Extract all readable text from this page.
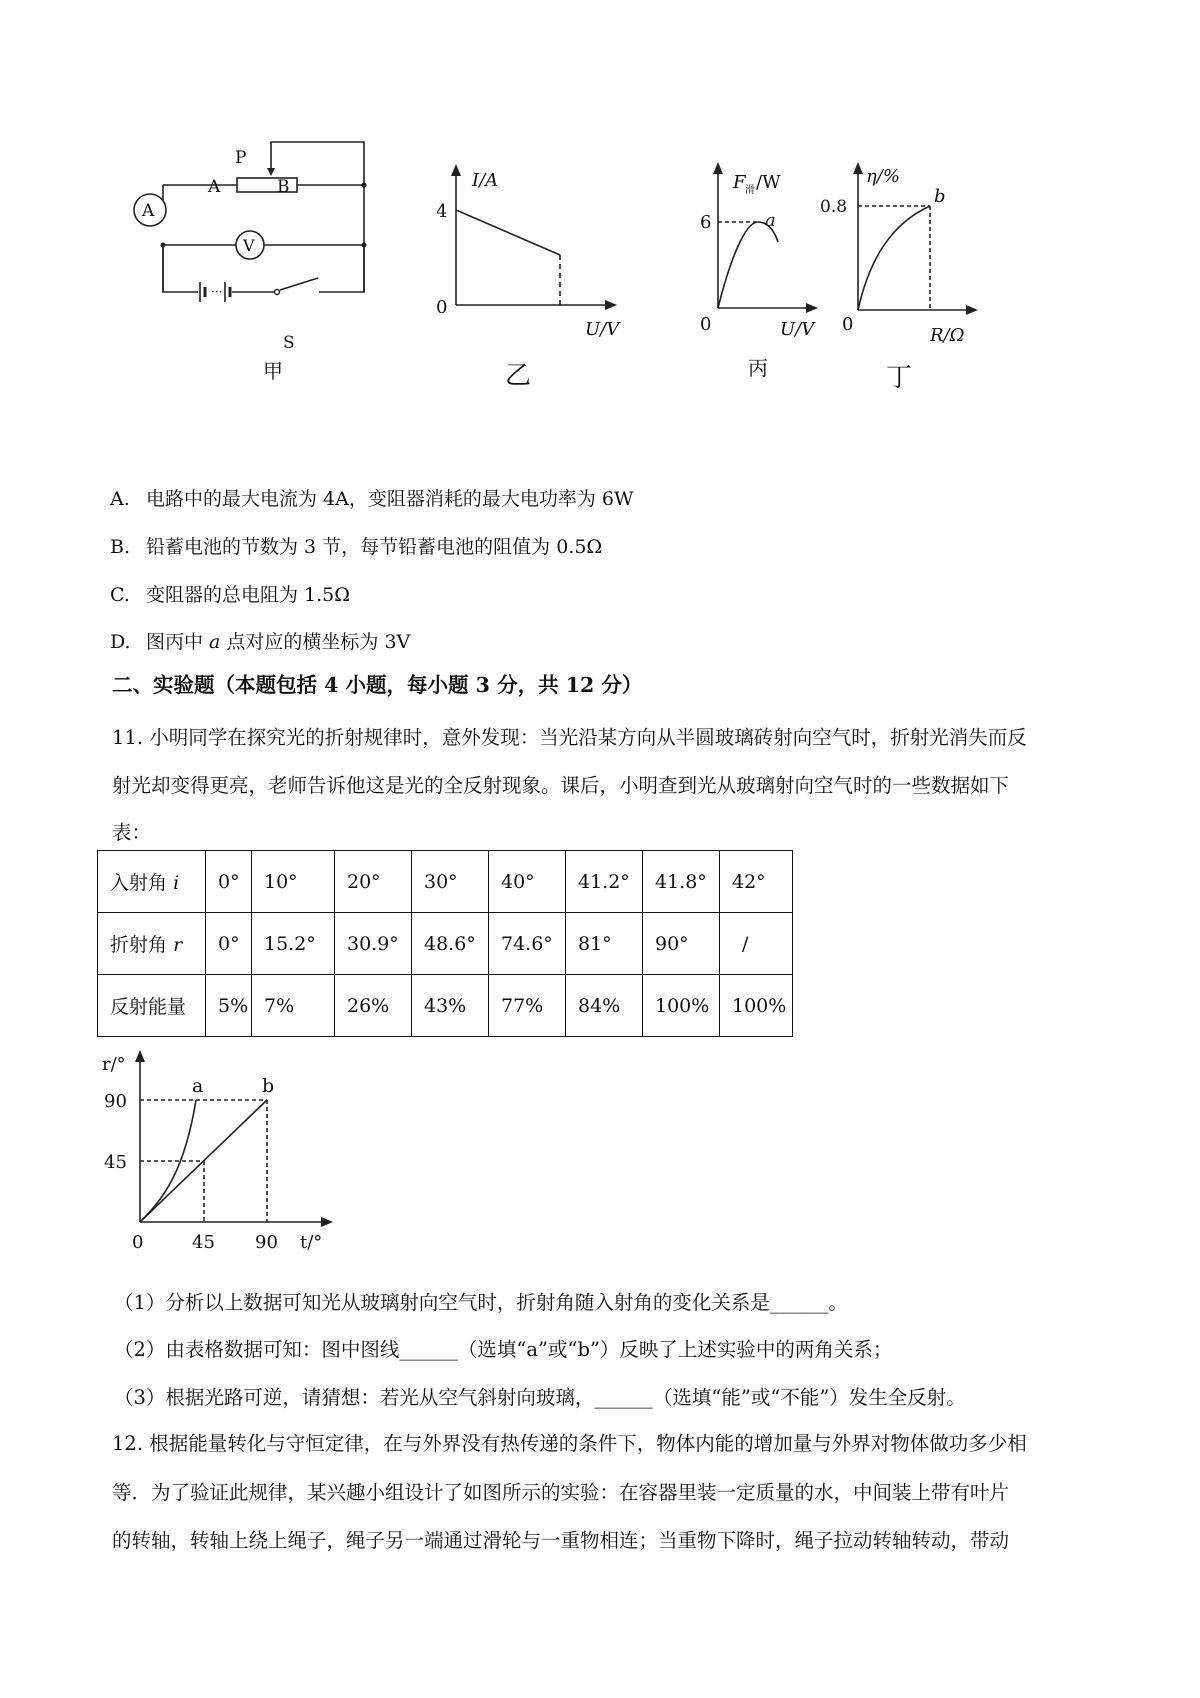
···
P
A	B
A
V
S
甲
I/A
4
0
U/V
乙
F 滑 /W
6	a
0	U/V
丙
η/%
0.8	b
0
R/Ω
丁
A. 电路中的最大电流为 4A，变阻器消耗的最大电功率为 6W
B. 铅蓄电池的节数为 3 节，每节铅蓄电池的阻值为 0.5Ω
C. 变阻器的总电阻为 1.5Ω
D. 图丙中 a 点对应的横坐标为 3V
二、实验题（本题包括 4 小题，每小题 3 分，共 12 分）
11. 小明同学在探究光的折射规律时，意外发现：当光沿某方向从半圆玻璃砖射向空气时，折射光消失而反
射光却变得更亮，老师告诉他这是光的全反射现象。课后，小明查到光从玻璃射向空气时的一些数据如下
表：
入射角 i	0°	10°	20°	30°	40°	41.2°	41.8°	42°
折射角 r	0°	15.2°	30.9°	48.6°	74.6°	81°	90°	/
反射能量	5%	7%	26%	43%	77%	84%	100%	100%
r/°
90
45
0	45 90 t/°
a	b
（1）分析以上数据可知光从玻璃射向空气时，折射角随入射角的变化关系是______。
（2）由表格数据可知：图中图线______（选填“a”或“b”）反映了上述实验中的两角关系；
（3）根据光路可逆，请猜想：若光从空气斜射向玻璃，______（选填“能”或“不能”）发生全反射。
12. 根据能量转化与守恒定律，在与外界没有热传递的条件下，物体内能的增加量与外界对物体做功多少相
等．为了验证此规律，某兴趣小组设计了如图所示的实验：在容器里装一定质量的水，中间装上带有叶片
的转轴，转轴上绕上绳子，绳子另一端通过滑轮与一重物相连；当重物下降时，绳子拉动转轴转动，带动
